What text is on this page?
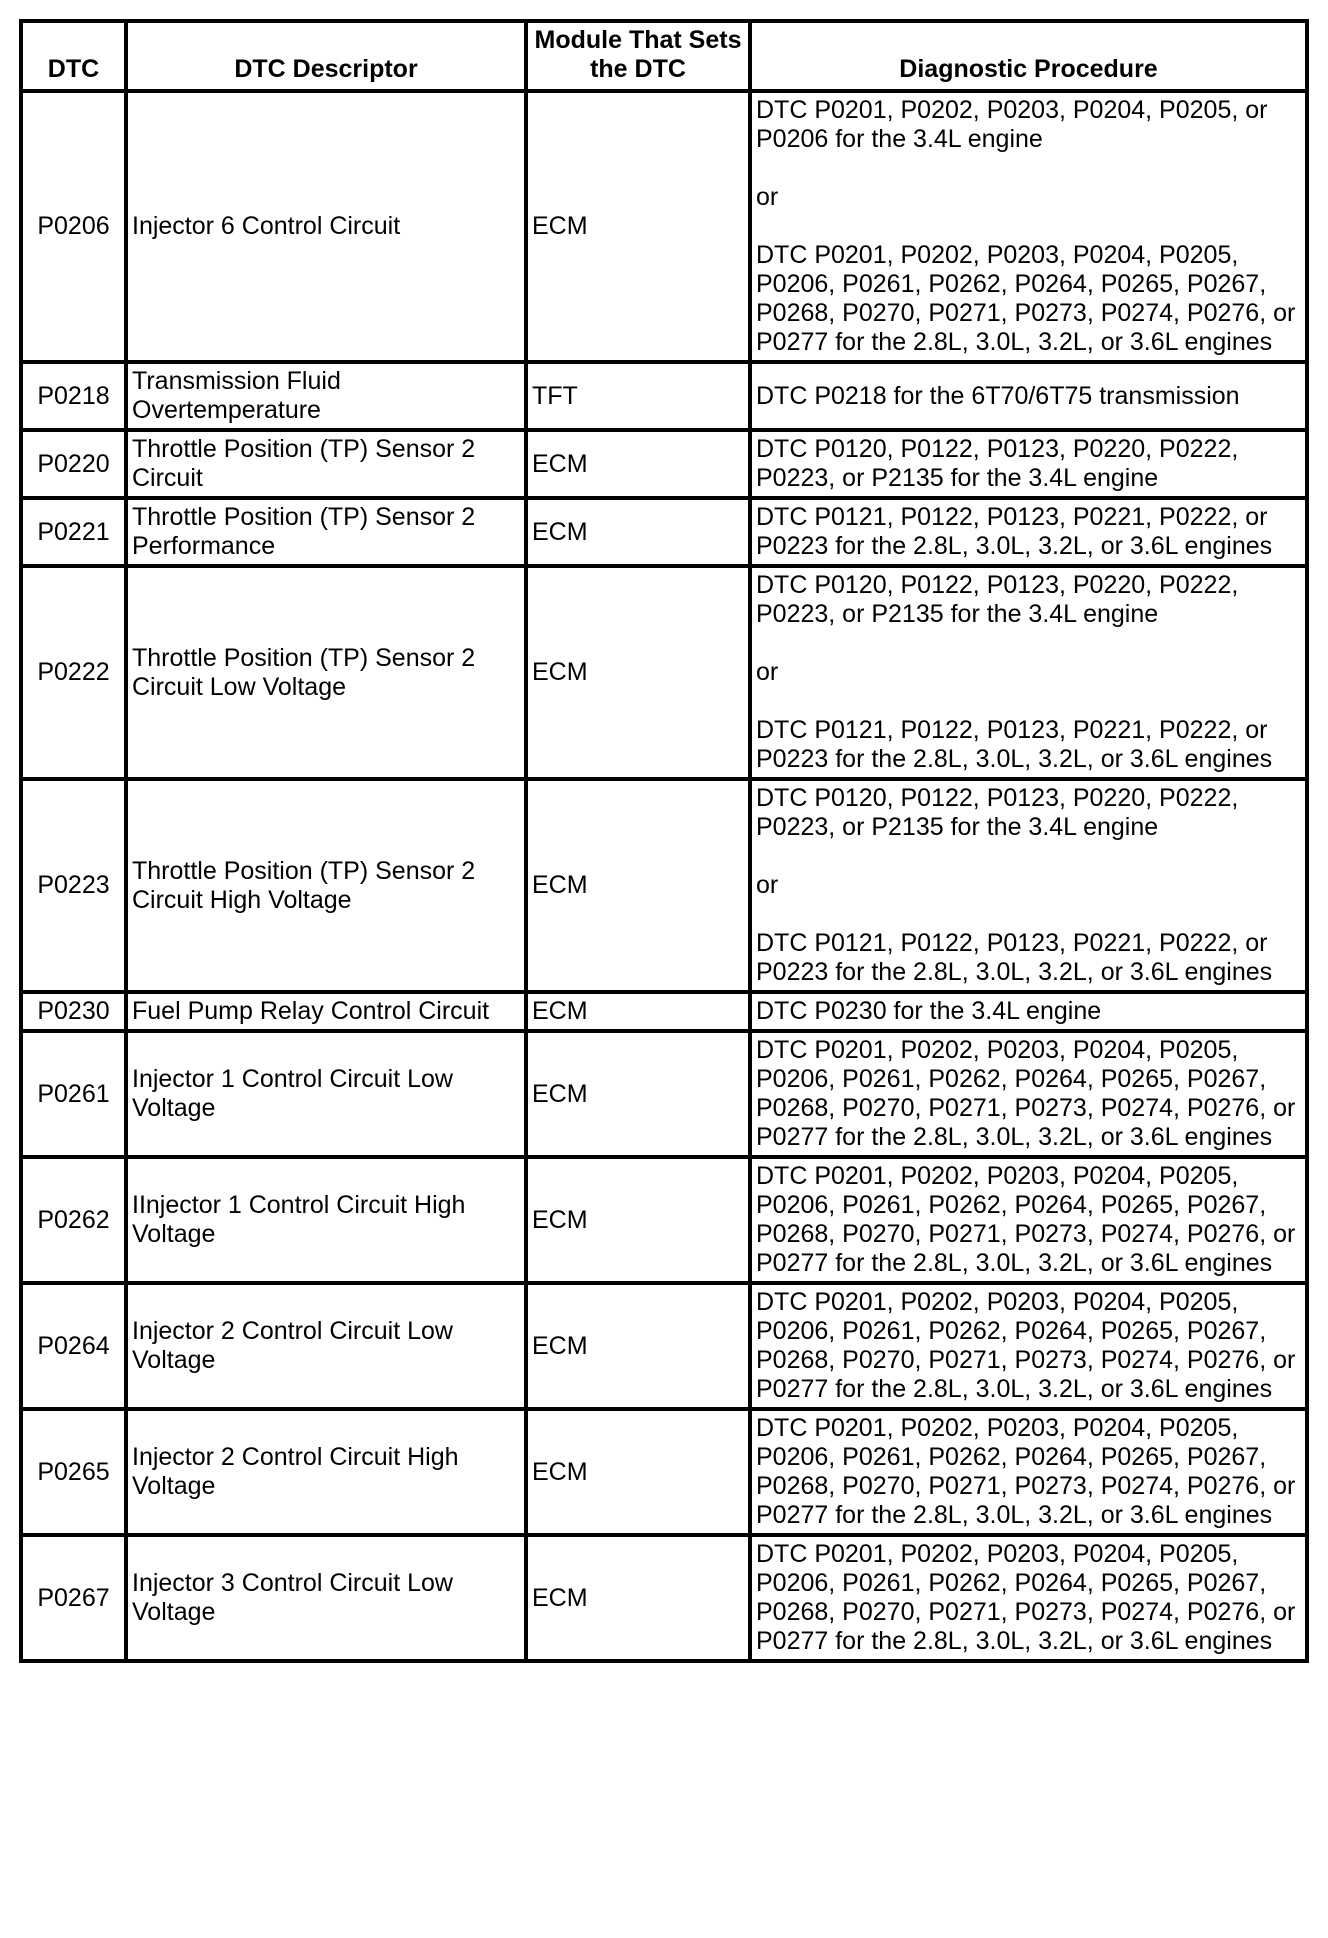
DTC	DTC Descriptor	Module That Sets the DTC	Diagnostic Procedure
P0206	Injector 6 Control Circuit	ECM	DTC P0201, P0202, P0203, P0204, P0205, or P0206 for the 3.4L engine

or

DTC P0201, P0202, P0203, P0204, P0205, P0206, P0261, P0262, P0264, P0265, P0267, P0268, P0270, P0271, P0273, P0274, P0276, or P0277 for the 2.8L, 3.0L, 3.2L, or 3.6L engines

P0218	Transmission Fluid Overtemperature	TFT	DTC P0218 for the 6T70/6T75 transmission

P0220	Throttle Position (TP) Sensor 2 Circuit	ECM	DTC P0120, P0122, P0123, P0220, P0222, P0223, or P2135 for the 3.4L engine

P0221	Throttle Position (TP) Sensor 2 Performance	ECM	DTC P0121, P0122, P0123, P0221, P0222, or P0223 for the 2.8L, 3.0L, 3.2L, or 3.6L engines

P0222	Throttle Position (TP) Sensor 2 Circuit Low Voltage	ECM	DTC P0120, P0122, P0123, P0220, P0222, P0223, or P2135 for the 3.4L engine

or

DTC P0121, P0122, P0123, P0221, P0222, or P0223 for the 2.8L, 3.0L, 3.2L, or 3.6L engines

P0223	Throttle Position (TP) Sensor 2 Circuit High Voltage	ECM	DTC P0120, P0122, P0123, P0220, P0222, P0223, or P2135 for the 3.4L engine

or

DTC P0121, P0122, P0123, P0221, P0222, or P0223 for the 2.8L, 3.0L, 3.2L, or 3.6L engines

P0230	Fuel Pump Relay Control Circuit	ECM	DTC P0230 for the 3.4L engine

P0261	Injector 1 Control Circuit Low Voltage	ECM	DTC P0201, P0202, P0203, P0204, P0205, P0206, P0261, P0262, P0264, P0265, P0267, P0268, P0270, P0271, P0273, P0274, P0276, or P0277 for the 2.8L, 3.0L, 3.2L, or 3.6L engines

P0262	IInjector 1 Control Circuit High Voltage	ECM	DTC P0201, P0202, P0203, P0204, P0205, P0206, P0261, P0262, P0264, P0265, P0267, P0268, P0270, P0271, P0273, P0274, P0276, or P0277 for the 2.8L, 3.0L, 3.2L, or 3.6L engines

P0264	Injector 2 Control Circuit Low Voltage	ECM	DTC P0201, P0202, P0203, P0204, P0205, P0206, P0261, P0262, P0264, P0265, P0267, P0268, P0270, P0271, P0273, P0274, P0276, or P0277 for the 2.8L, 3.0L, 3.2L, or 3.6L engines

P0265	Injector 2 Control Circuit High Voltage	ECM	DTC P0201, P0202, P0203, P0204, P0205, P0206, P0261, P0262, P0264, P0265, P0267, P0268, P0270, P0271, P0273, P0274, P0276, or P0277 for the 2.8L, 3.0L, 3.2L, or 3.6L engines

P0267	Injector 3 Control Circuit Low Voltage	ECM	DTC P0201, P0202, P0203, P0204, P0205, P0206, P0261, P0262, P0264, P0265, P0267, P0268, P0270, P0271, P0273, P0274, P0276, or P0277 for the 2.8L, 3.0L, 3.2L, or 3.6L engines
